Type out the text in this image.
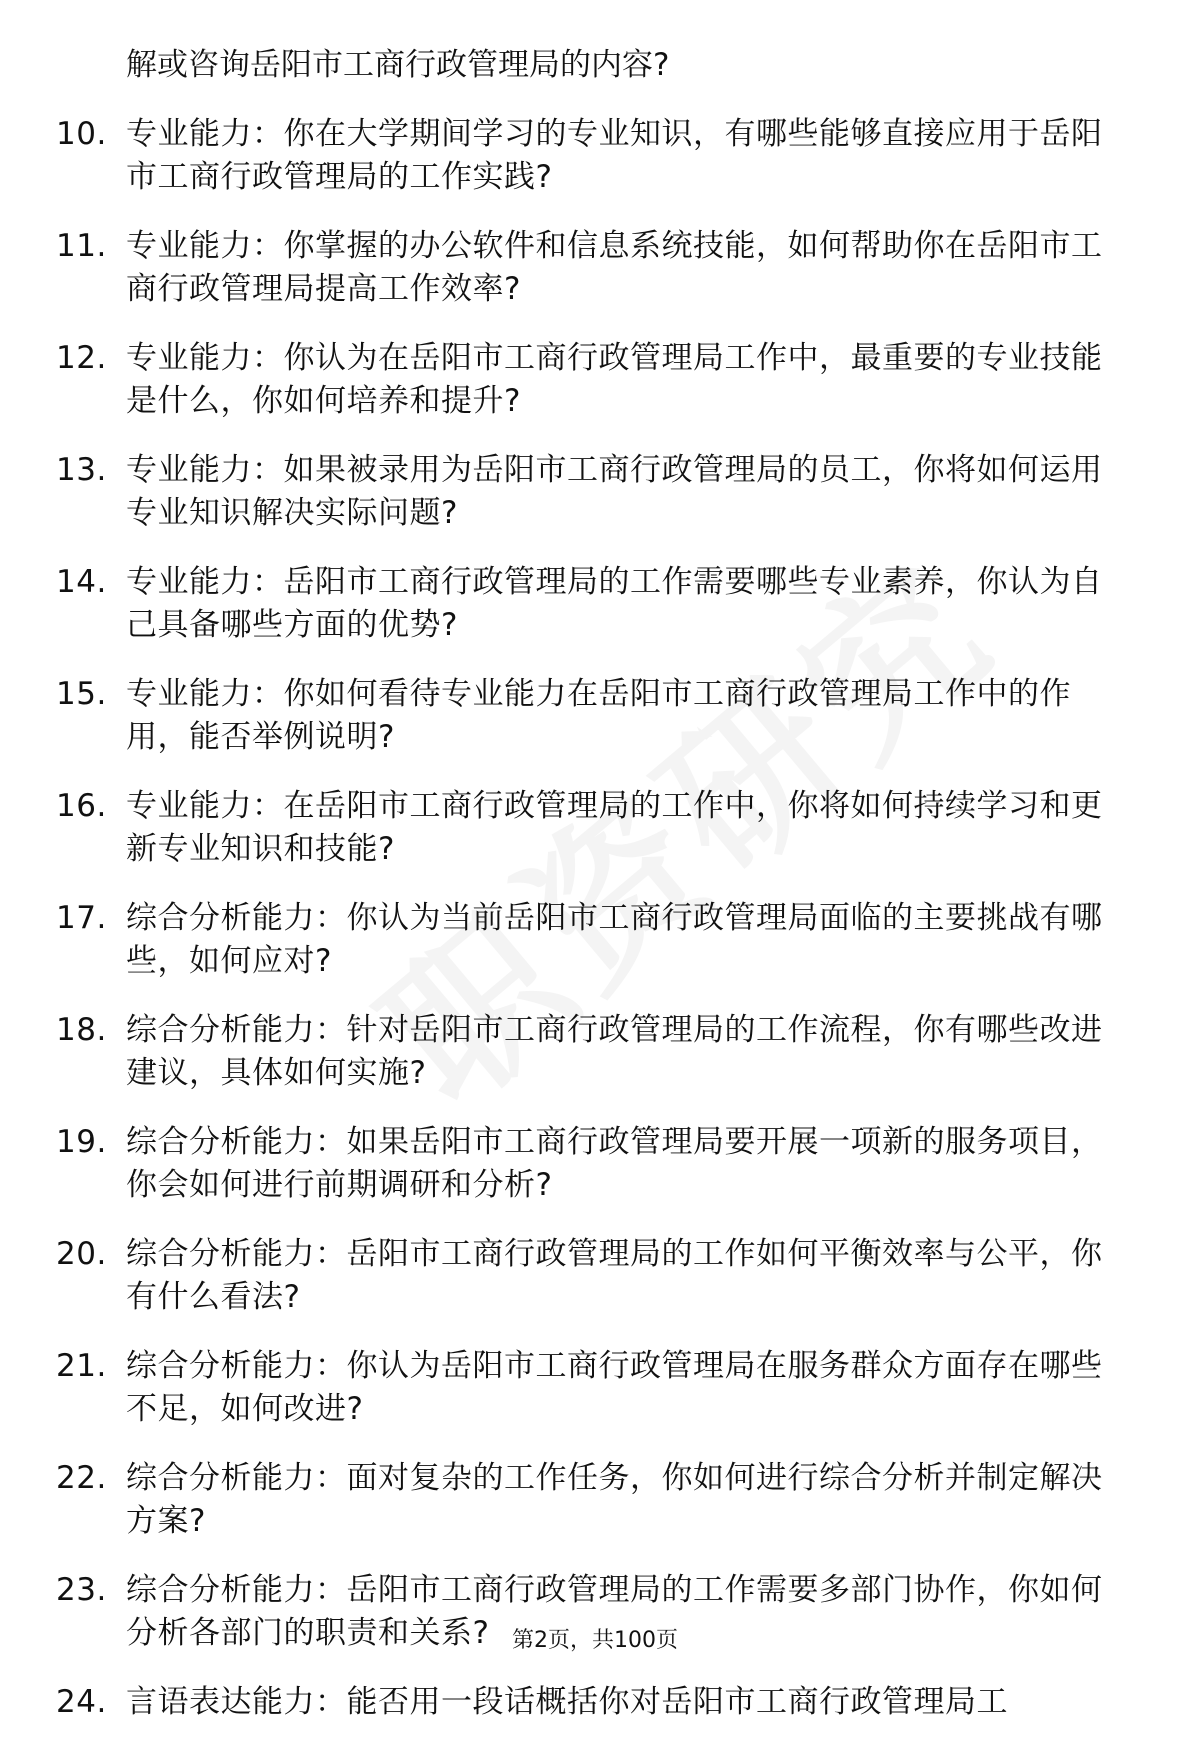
解或咨询岳阳市工商行政管理局的内容?
10. 专业能力：你在大学期间学习的专业知识，有哪些能够直接应用于岳阳市工商行政管理局的工作实践?
11. 专业能力：你掌握的办公软件和信息系统技能，如何帮助你在岳阳市工商行政管理局提高工作效率?
12. 专业能力：你认为在岳阳市工商行政管理局工作中，最重要的专业技能是什么，你如何培养和提升?
13. 专业能力：如果被录用为岳阳市工商行政管理局的员工，你将如何运用专业知识解决实际问题?
14. 专业能力：岳阳市工商行政管理局的工作需要哪些专业素养，你认为自己具备哪些方面的优势?
15. 专业能力：你如何看待专业能力在岳阳市工商行政管理局工作中的作用，能否举例说明?
16. 专业能力：在岳阳市工商行政管理局的工作中，你将如何持续学习和更新专业知识和技能?
17. 综合分析能力：你认为当前岳阳市工商行政管理局面临的主要挑战有哪些，如何应对?
18. 综合分析能力：针对岳阳市工商行政管理局的工作流程，你有哪些改进建议，具体如何实施?
19. 综合分析能力：如果岳阳市工商行政管理局要开展一项新的服务项目，你会如何进行前期调研和分析?
20. 综合分析能力：岳阳市工商行政管理局的工作如何平衡效率与公平，你有什么看法?
21. 综合分析能力：你认为岳阳市工商行政管理局在服务群众方面存在哪些不足，如何改进?
22. 综合分析能力：面对复杂的工作任务，你如何进行综合分析并制定解决方案?
23. 综合分析能力：岳阳市工商行政管理局的工作需要多部门协作，你如何分析各部门的职责和关系?
24. 言语表达能力：能否用一段话概括你对岳阳市工商行政管理局工
第2页，共100页
